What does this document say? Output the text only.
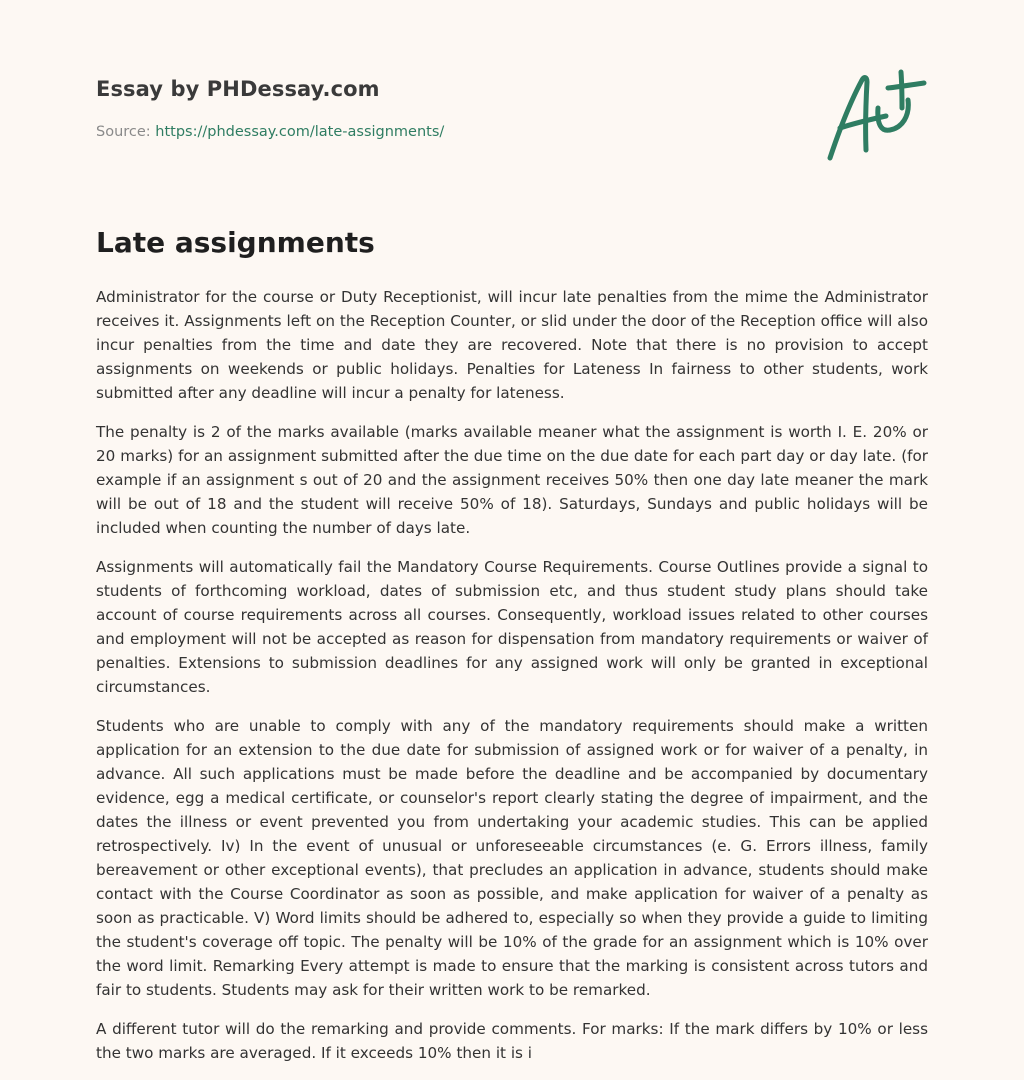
Essay by PHDessay.com
Source: https://phdessay.com/late-assignments/
Late assignments

Administrator for the course or Duty Receptionist, will incur late penalties from the mime the Administrator receives it. Assignments left on the Reception Counter, or slid under the door of the Reception office will also incur penalties from the time and date they are recovered. Note that there is no provision to accept assignments on weekends or public holidays. Penalties for Lateness In fairness to other students, work submitted after any deadline will incur a penalty for lateness.

The penalty is 2 of the marks available (marks available meaner what the assignment is worth I. E. 20% or 20 marks) for an assignment submitted after the due time on the due date for each part day or day late. (for example if an assignment s out of 20 and the assignment receives 50% then one day late meaner the mark will be out of 18 and the student will receive 50% of 18). Saturdays, Sundays and public holidays will be included when counting the number of days late.

Assignments will automatically fail the Mandatory Course Requirements. Course Outlines provide a signal to students of forthcoming workload, dates of submission etc, and thus student study plans should take account of course requirements across all courses. Consequently, workload issues related to other courses and employment will not be accepted as reason for dispensation from mandatory requirements or waiver of penalties. Extensions to submission deadlines for any assigned work will only be granted in exceptional circumstances.

Students who are unable to comply with any of the mandatory requirements should make a written application for an extension to the due date for submission of assigned work or for waiver of a penalty, in advance. All such applications must be made before the deadline and be accompanied by documentary evidence, egg a medical certificate, or counselor's report clearly stating the degree of impairment, and the dates the illness or event prevented you from undertaking your academic studies. This can be applied retrospectively. Iv) In the event of unusual or unforeseeable circumstances (e. G. Errors illness, family bereavement or other exceptional events), that precludes an application in advance, students should make contact with the Course Coordinator as soon as possible, and make application for waiver of a penalty as soon as practicable. V) Word limits should be adhered to, especially so when they provide a guide to limiting the student's coverage off topic. The penalty will be 10% of the grade for an assignment which is 10% over the word limit. Remarking Every attempt is made to ensure that the marking is consistent across tutors and fair to students. Students may ask for their written work to be remarked.

A different tutor will do the remarking and provide comments. For marks: If the mark differs by 10% or less the two marks are averaged. If it exceeds 10% then it is i
